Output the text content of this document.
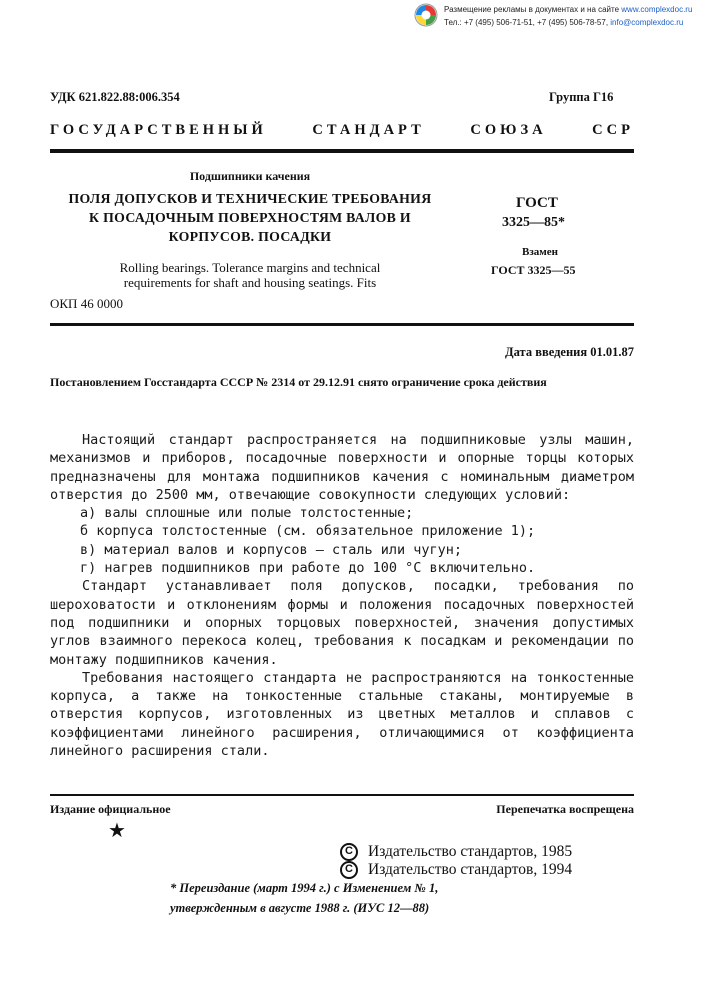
Размещение рекламы в документах и на сайте www.complexdoc.ru
Тел.: +7 (495) 506-71-51, +7 (495) 506-78-57, info@complexdoc.ru
УДК 621.822.88:006.354	Группа Г16
ГОСУДАРСТВЕННЫЙ СТАНДАРТ СОЮЗА ССР
Подшипники качения
ПОЛЯ ДОПУСКОВ И ТЕХНИЧЕСКИЕ ТРЕБОВАНИЯ
К ПОСАДОЧНЫМ ПОВЕРХНОСТЯМ ВАЛОВ И
КОРПУСОВ. ПОСАДКИ
Rolling bearings. Tolerance margins and technical
requirements for shaft and housing seatings. Fits
ОКП 46 0000
ГОСТ
3325—85*
Взамен
ГОСТ 3325—55
Дата введения 01.01.87
Постановлением Госстандарта СССР № 2314 от 29.12.91 снято ограничение срока действия

Настоящий стандарт распространяется на подшипниковые узлы машин, механизмов и приборов, посадочные поверхности и опорные торцы которых предназначены для монтажа подшипников качения с номинальным диаметром отверстия до 2500 мм, отвечающие совокупности следующих условий:

а) валы сплошные или полые толстостенные;

б корпуса толстостенные (см. обязательное приложение 1);

в) материал валов и корпусов — сталь или чугун;

г) нагрев подшипников при работе до 100 °С включительно.

Стандарт устанавливает поля допусков, посадки, требования по шероховатости и отклонениям формы и положения посадочных поверхностей под подшипники и опорных торцовых поверхностей, значения допустимых углов взаимного перекоса колец, требования к посадкам и рекомендации по монтажу подшипников качения.

Требования настоящего стандарта не распространяются на тонкостенные корпуса, а также на тонкостенные стальные стаканы, монтируемые в отверстия корпусов, изготовленных из цветных металлов и сплавов с коэффициентами линейного расширения, отличающимися от коэффициента линейного расширения стали.

Издание официальное	Перепечатка воспрещена
★
С Издательство стандартов, 1985
С Издательство стандартов, 1994
* Переиздание (март 1994 г.) с Изменением № 1,
утвержденным в августе 1988 г. (ИУС 12—88)
